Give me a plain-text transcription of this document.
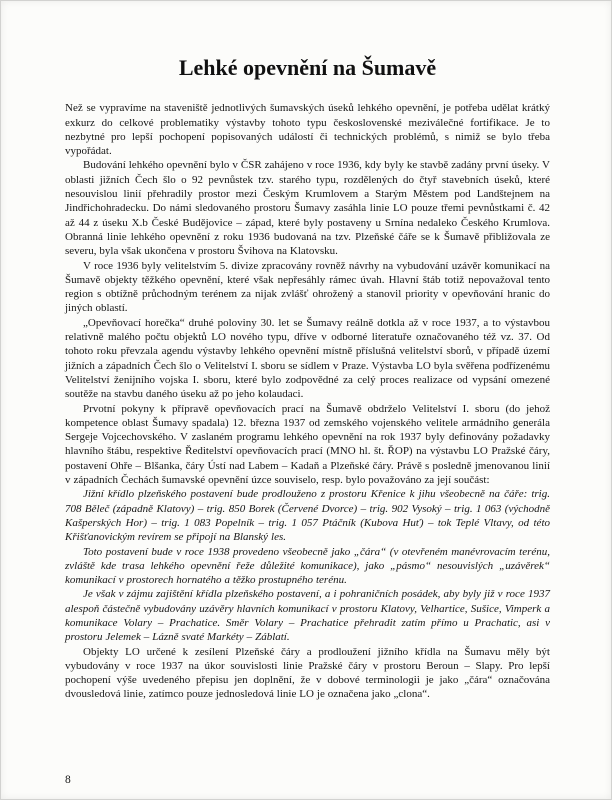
Lehké opevnění na Šumavě

Než se vypravíme na staveniště jednotlivých šumavských úseků lehkého opevnění, je potřeba udělat krátký exkurz do celkové problematiky výstavby tohoto typu československé meziválečné fortifikace. Je to nezbytné pro lepší pochopení popisovaných událostí či technických problémů, s nimiž se bylo třeba vypořádat.

Budování lehkého opevnění bylo v ČSR zahájeno v roce 1936, kdy byly ke stavbě zadány první úseky. V oblasti jižních Čech šlo o 92 pevnůstek tzv. starého typu, rozdělených do čtyř stavebních úseků, které nesouvislou linií přehradily prostor mezi Českým Krumlovem a Starým Městem pod Landštejnem na Jindřichohradecku. Do námi sledovaného prostoru Šumavy zasáhla linie LO pouze třemi pevnůstkami č. 42 až 44 z úseku X.b České Budějovice – západ, které byly postaveny u Srnína nedaleko Českého Krumlova. Obranná linie lehkého opevnění z roku 1936 budovaná na tzv. Plzeňské čáře se k Šumavě přibližovala ze severu, byla však ukončena v prostoru Švihova na Klatovsku.

V roce 1936 byly velitelstvím 5. divize zpracovány rovněž návrhy na vybudování uzávěr komunikací na Šumavě objekty těžkého opevnění, které však nepřesáhly rámec úvah. Hlavní štáb totiž nepovažoval tento region s obtížně průchodným terénem za nijak zvlášť ohrožený a stanovil priority v opevňování hranic do jiných oblastí.

„Opevňovací horečka“ druhé poloviny 30. let se Šumavy reálně dotkla až v roce 1937, a to výstavbou relativně malého počtu objektů LO nového typu, dříve v odborné literatuře označovaného též vz. 37. Od tohoto roku převzala agendu výstavby lehkého opevnění místně příslušná velitelství sborů, v případě území jižních a západních Čech šlo o Velitelství I. sboru se sídlem v Praze. Výstavba LO byla svěřena podřízenému Velitelství ženijního vojska I. sboru, které bylo zodpovědné za celý proces realizace od vypsání omezené soutěže na stavbu daného úseku až po jeho kolaudaci.

Prvotní pokyny k přípravě opevňovacích prací na Šumavě obdrželo Velitelství I. sboru (do jehož kompetence oblast Šumavy spadala) 12. března 1937 od zemského vojenského velitele armádního generála Sergeje Vojcechovského. V zaslaném programu lehkého opevnění na rok 1937 byly definovány požadavky hlavního štábu, respektive Ředitelství opevňovacích prací (MNO hl. št. ŘOP) na výstavbu LO Pražské čáry, postavení Ohře – Blšanka, čáry Ústí nad Labem – Kadaň a Plzeňské čáry. Právě s posledně jmenovanou linií v západních Čechách šumavské opevnění úzce souviselo, resp. bylo považováno za její součást:

Jižní křídlo plzeňského postavení bude prodlouženo z prostoru Křenice k jihu všeobecně na čáře: trig. 708 Běleč (západně Klatovy) – trig. 850 Borek (Červené Dvorce) – trig. 902 Vysoký – trig. 1 063 (východně Kašperských Hor) – trig. 1 083 Popelník – trig. 1 057 Ptáčník (Kubova Huť) – tok Teplé Vltavy, od této Křišťanovickým revírem se připojí na Blanský les.

Toto postavení bude v roce 1938 provedeno všeobecně jako „čára“ (v otevřeném manévrovacím terénu, zvláště kde trasa lehkého opevnění řeže důležité komunikace), jako „pásmo“ nesouvislých „uzávěrek“ komunikací v prostorech hornatého a těžko prostupného terénu.

Je však v zájmu zajištění křídla plzeňského postavení, a i pohraničních posádek, aby byly již v roce 1937 alespoň částečně vybudovány uzávěry hlavních komunikací v prostoru Klatovy, Velhartice, Sušice, Vimperk a komunikace Volary – Prachatice. Směr Volary – Prachatice přehradit zatím přímo u Prachatic, asi v prostoru Jelemek – Lázně svaté Markéty – Záblatí.

Objekty LO určené k zesílení Plzeňské čáry a prodloužení jižního křídla na Šumavu měly být vybudovány v roce 1937 na úkor souvislosti linie Pražské čáry v prostoru Beroun – Slapy. Pro lepší pochopení výše uvedeného přepisu jen doplnění, že v dobové terminologii je jako „čára“ označována dvousledová linie, zatímco pouze jednosledová linie LO je označena jako „clona“.

8
